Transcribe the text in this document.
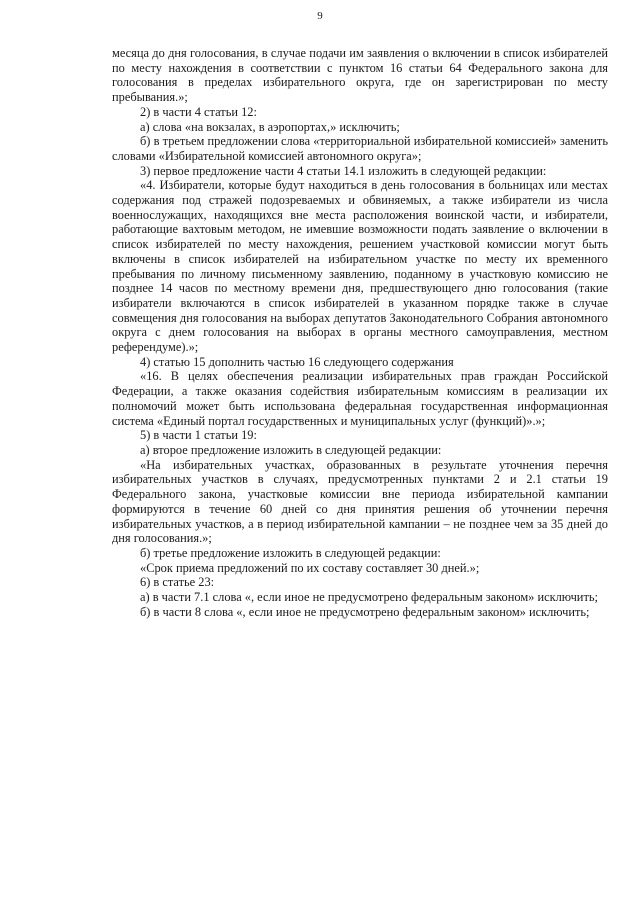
9

месяца до дня голосования, в случае подачи им заявления о включении в список избирателей по месту нахождения в соответствии с пунктом 16 статьи 64 Федерального закона для голосования в пределах избирательного округа, где он зарегистрирован по месту пребывания.»;

2) в части 4 статьи 12:

а) слова «на вокзалах, в аэропортах,» исключить;

б) в третьем предложении слова «территориальной избирательной комиссией» заменить словами «Избирательной комиссией автономного округа»;

3) первое предложение части 4 статьи 14.1 изложить в следующей редакции:

«4. Избиратели, которые будут находиться в день голосования в больницах или местах содержания под стражей подозреваемых и обвиняемых, а также избиратели из числа военнослужащих, находящихся вне места расположения воинской части, и избиратели, работающие вахтовым методом, не имевшие возможности подать заявление о включении в список избирателей по месту нахождения, решением участковой комиссии могут быть включены в список избирателей на избирательном участке по месту их временного пребывания по личному письменному заявлению, поданному в участковую комиссию не позднее 14 часов по местному времени дня, предшествующего дню голосования (такие избиратели включаются в список избирателей в указанном порядке также в случае совмещения дня голосования на выборах депутатов Законодательного Собрания автономного округа с днем голосования на выборах в органы местного самоуправления, местном референдуме).»;

4) статью 15 дополнить частью 16 следующего содержания

«16. В целях обеспечения реализации избирательных прав граждан Российской Федерации, а также оказания содействия избирательным комиссиям в реализации их полномочий может быть использована федеральная государственная информационная система «Единый портал государственных и муниципальных услуг (функций)».»;

5) в части 1 статьи 19:

а) второе предложение изложить в следующей редакции:

«На избирательных участках, образованных в результате уточнения перечня избирательных участков в случаях, предусмотренных пунктами 2 и 2.1 статьи 19 Федерального закона, участковые комиссии вне периода избирательной кампании формируются в течение 60 дней со дня принятия решения об уточнении перечня избирательных участков, а в период избирательной кампании – не позднее чем за 35 дней до дня голосования.»;

б) третье предложение изложить в следующей редакции:

«Срок приема предложений по их составу составляет 30 дней.»;

6) в статье 23:

а) в части 7.1 слова «, если иное не предусмотрено федеральным законом» исключить;

б) в части 8 слова «, если иное не предусмотрено федеральным законом» исключить;
